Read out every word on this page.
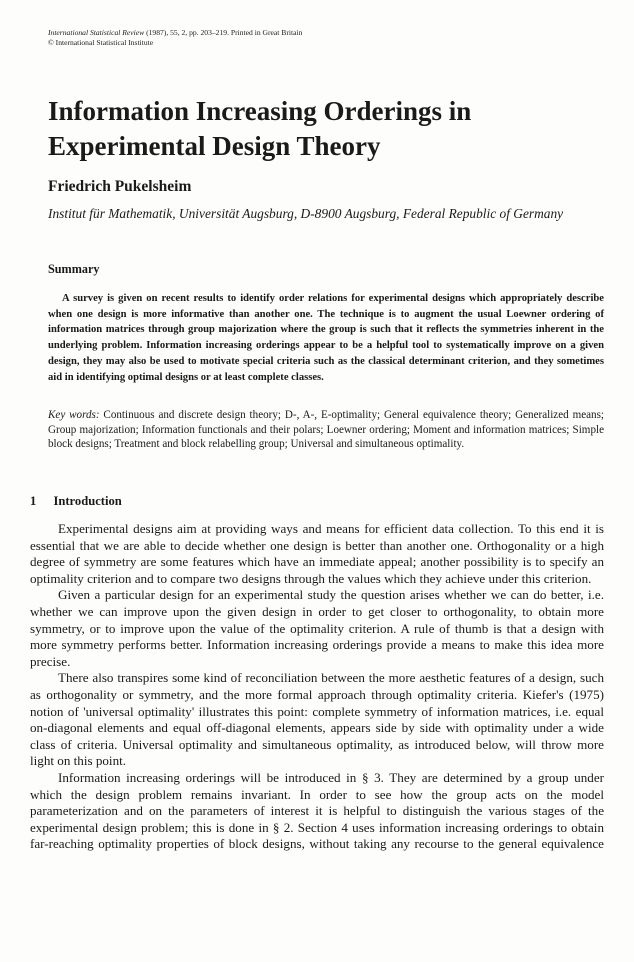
International Statistical Review (1987), 55, 2, pp. 203–219. Printed in Great Britain
© International Statistical Institute
Information Increasing Orderings in Experimental Design Theory
Friedrich Pukelsheim
Institut für Mathematik, Universität Augsburg, D-8900 Augsburg, Federal Republic of Germany
Summary
A survey is given on recent results to identify order relations for experimental designs which appropriately describe when one design is more informative than another one. The technique is to augment the usual Loewner ordering of information matrices through group majorization where the group is such that it reflects the symmetries inherent in the underlying problem. Information increasing orderings appear to be a helpful tool to systematically improve on a given design, they may also be used to motivate special criteria such as the classical determinant criterion, and they sometimes aid in identifying optimal designs or at least complete classes.
Key words: Continuous and discrete design theory; D-, A-, E-optimality; General equivalence theory; Generalized means; Group majorization; Information functionals and their polars; Loewner ordering; Moment and information matrices; Simple block designs; Treatment and block relabelling group; Universal and simultaneous optimality.
1 Introduction

Experimental designs aim at providing ways and means for efficient data collection. To this end it is essential that we are able to decide whether one design is better than another one. Orthogonality or a high degree of symmetry are some features which have an immediate appeal; another possibility is to specify an optimality criterion and to compare two designs through the values which they achieve under this criterion.

Given a particular design for an experimental study the question arises whether we can do better, i.e. whether we can improve upon the given design in order to get closer to orthogonality, to obtain more symmetry, or to improve upon the value of the optimality criterion. A rule of thumb is that a design with more symmetry performs better. Information increasing orderings provide a means to make this idea more precise.

There also transpires some kind of reconciliation between the more aesthetic features of a design, such as orthogonality or symmetry, and the more formal approach through optimality criteria. Kiefer's (1975) notion of 'universal optimality' illustrates this point: complete symmetry of information matrices, i.e. equal on-diagonal elements and equal off-diagonal elements, appears side by side with optimality under a wide class of criteria. Universal optimality and simultaneous optimality, as introduced below, will throw more light on this point.

Information increasing orderings will be introduced in § 3. They are determined by a group under which the design problem remains invariant. In order to see how the group acts on the model parameterization and on the parameters of interest it is helpful to distinguish the various stages of the experimental design problem; this is done in § 2. Section 4 uses information increasing orderings to obtain far-reaching optimality properties of block designs, without taking any recourse to the general equivalence
